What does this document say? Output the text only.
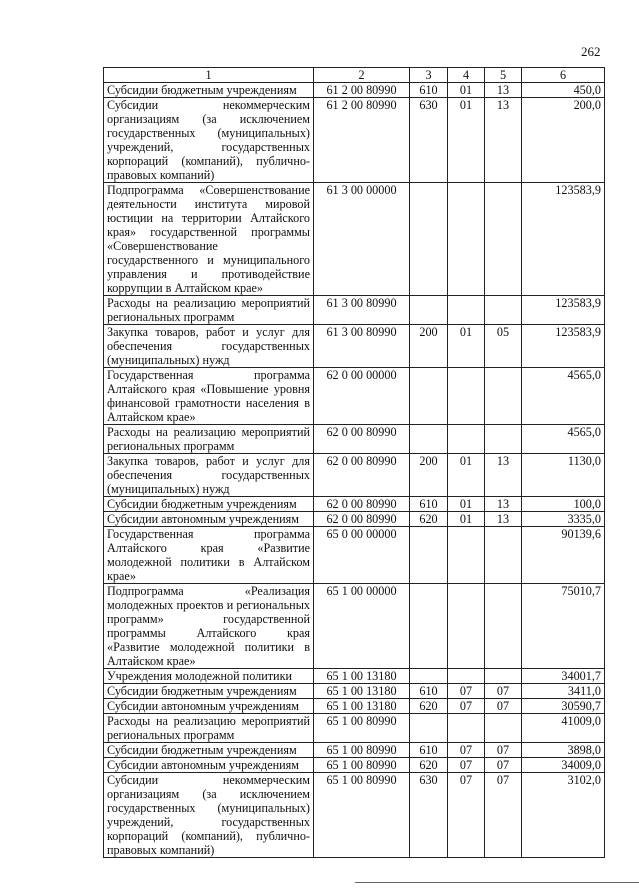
262
1	2	3	4	5	6
Субсидии бюджетным учреждениям	61 2 00 80990	610	01	13	450,0
Субсидии некоммерческим организациям (за исключением государственных (муниципальных) учреждений, государственных корпораций (компаний), публично-правовых компаний)	61 2 00 80990	630	01	13	200,0
Подпрограмма «Совершенствование деятельности института мировой юстиции на территории Алтайского края» государственной программы «Совершенствование государственного и муниципального управления и противодействие коррупции в Алтайском крае»	61 3 00 00000				123583,9
Расходы на реализацию мероприятий региональных программ	61 3 00 80990				123583,9
Закупка товаров, работ и услуг для обеспечения государственных (муниципальных) нужд	61 3 00 80990	200	01	05	123583,9
Государственная программа Алтайского края «Повышение уровня финансовой грамотности населения в Алтайском крае»	62 0 00 00000				4565,0
Расходы на реализацию мероприятий региональных программ	62 0 00 80990				4565,0
Закупка товаров, работ и услуг для обеспечения государственных (муниципальных) нужд	62 0 00 80990	200	01	13	1130,0
Субсидии бюджетным учреждениям	62 0 00 80990	610	01	13	100,0
Субсидии автономным учреждениям	62 0 00 80990	620	01	13	3335,0
Государственная программа Алтайского края «Развитие молодежной политики в Алтайском крае»	65 0 00 00000				90139,6
Подпрограмма «Реализация молодежных проектов и региональных программ» государственной программы Алтайского края «Развитие молодежной политики в Алтайском крае»	65 1 00 00000				75010,7
Учреждения молодежной политики	65 1 00 13180				34001,7
Субсидии бюджетным учреждениям	65 1 00 13180	610	07	07	3411,0
Субсидии автономным учреждениям	65 1 00 13180	620	07	07	30590,7
Расходы на реализацию мероприятий региональных программ	65 1 00 80990				41009,0
Субсидии бюджетным учреждениям	65 1 00 80990	610	07	07	3898,0
Субсидии автономным учреждениям	65 1 00 80990	620	07	07	34009,0
Субсидии некоммерческим организациям (за исключением государственных (муниципальных) учреждений, государственных корпораций (компаний), публично-правовых компаний)	65 1 00 80990	630	07	07	3102,0
